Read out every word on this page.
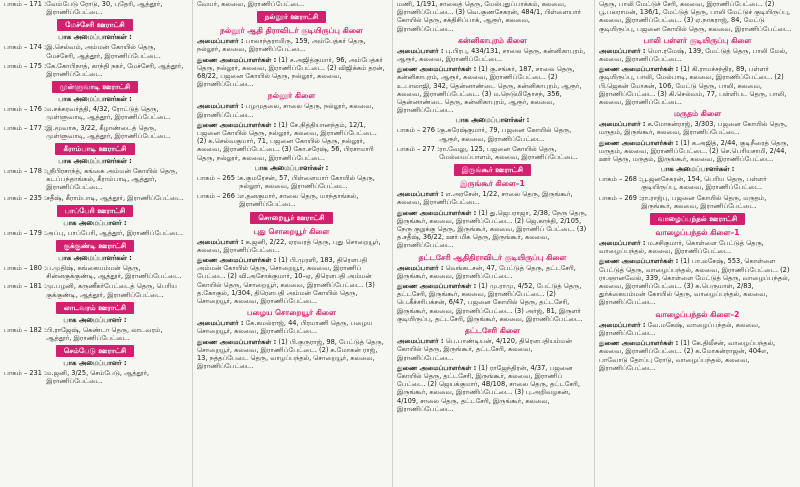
பாகம் – 171 : வேம்பேடு ரோடு, 30, புதேரி, ஆத்தூர், இராணிப்பேட்டை.
மேச்சேரி ஊராட்சி
பாக அமைப்பாளர்கள் :
பாகம் – 174 : இ.செல்வம், அம்மன் கோயில் தெரு, மேச்சேரி, ஆத்தூர், இராணிப்பேட்டை.
பாகம் – 175 : கே.கோபிநாத், காந்தி நகர், மேச்சேரி, ஆத்தூர், இராணிப்பேட்டை.
முள்ளுவாடி ஊராட்சி
பாக அமைப்பாளர்கள் :
பாகம் – 176 : ம.சக்கரவர்த்தி, 4/32, ரோட்டுத் தெரு, முள்ளுவாடி, ஆத்தூர், இராணிப்பேட்டை.
பாகம் – 177 : இ.மூவாசு, 3/22, கீழாண்டைத் தெரு, முள்ளுவாடி, ஆத்தூர், இராணிப்பேட்டை.
கீராம்பாடி ஊராட்சி
பாக அமைப்பாளர்கள் :
பாகம் – 178 : ஸ்ரீபிரசாந்த், கங்கை அம்மன் கோயில் தெரு, கடப்பந்தாங்கல், கீராம்பாடி, ஆத்தூர், இராணிப்பேட்டை.
பாகம் – 235 : சதீஷ், கீராம்பாடி, ஆத்தூர், இராணிப்பேட்டை.
பாப்பேரி ஊராட்சி
பாக அமைப்பாளர் :
பாகம் – 179 : அப்பு, பாப்பேரி, ஆத்தூர், இராணிப்பேட்டை.
குக்குண்டி ஊராட்சி
பாக அமைப்பாளர்கள் :
பாகம் – 180 : ப.முதிஷ், கங்கையம்மன் தெரு, சின்னகுக்குண்டி, ஆத்தூர், இராணிப்பேட்டை.
பாகம் – 181 : மு.பழனி, கருணீகர்பேட்டைத் தெரு, பெரிய குக்குண்டி, ஆத்தூர், இராணிப்பேட்டை.
லாடவரம் ஊராட்சி
பாக அமைப்பாளர் :
பாகம் – 182 : பி.ராஜேஷ், கெண்டா தெரு, லாடவரம், ஆத்தூர், இராணிப்பேட்டை.
செம்பேடு ஊராட்சி
பாக அமைப்பாளர் :
பாகம் – 231 : ம.ஜனி, 3/25, செம்பேடு, ஆத்தூர், இராணிப்பேட்டை.

வேயர், கலவை, இராணிப்பேட்டை.

நல்லூர் ஊராட்சி
நல்லூர் ஆதி திராவிடர் குடியிருப்பு கிளை

அமைப்பாளர் : பாலாந்தராமிரு, 159, அம்பேத்கர் தெரு, நல்லூர், கலவை, இராணிப்பேட்டை.

துணை அமைப்பாளர்கள் : (1) ச.அஜித்குமார், 96, அம்பேத்கர் தெரு, நல்லூர், கலவை, இராணிப்பேட்டை. (2) விஜிக்கம் தரன், 68/22, பஜனை கோயில் தெரு, நல்லூர், கலவை, இராணிப்பேட்டை.

நல்லூர் கிளை

அமைப்பாளர் : பழமுதலை, சாலை தெரு, நல்லூர், கலவை, இராணிப்பேட்டை.

துணை அமைப்பாளர்கள் : (1) சே.நித்தியானந்தம், 12/1, பஜனை கோயில் தெரு, நல்லூர், கலவை, இராணிப்பேட்டை. (2) க.செல்வகுமார், 71, பஜனை கோயில் தெரு, நல்லூர், கலவை, இராணிப்பேட்டை. (3) கோ.சரேஷ், 56, பிரசாமாரி தெரு, நல்லூர், கலவை, இராணிப்பேட்டை.

பாக அமைப்பாளர்கள் :
பாகம் – 265 : சு.குமரேசன், 57, பிள்ளையார் கோயில் தெரு, நல்லூர், கலவை, இராணிப்பேட்டை.
பாகம் – 266 : எ.தனகுமார், சாலை தெரு, மாந்தாங்கல், இராணிப்பேட்டை.
சொறையூர் ஊராட்சி
புது சொறையூர் கிளை

அமைப்பாளர் : க.ஜனி, 2/22, ஏரவரத் தெரு, புது சொறையூர், கலவை, இராணிப்பேட்டை.

துணை அமைப்பாளர்கள் : (1) பி.முரளி, 183, திரௌபதி அம்மன் கோயில் தெரு, சொறையூர், கலவை, இராணிப் பேட்டை. (2) வி.அசோக்குமார், 10–ஏ, திரௌபதி அம்மன் கோயில் தெரு, சொறையூர், கலவை, இராணிப்பேட்டை. (3) த.கோகுல், 1/304, திரௌபதி அம்மன் கோயில் தெரு, சொறையூர், கலவை, இராணிப்பேட்டை.

பழைய சொறையூர் கிளை

அமைப்பாளர் : கே.கமல்ராஜ், 44, பிரமாணி தெரு, பழைய சொறையூர், கலவை, இராணிப்பேட்டை.

துணை அமைப்பாளர்கள் : (1) பி.குருராஜ், 98, பேட்டுத் தெரு, சொறையூர், கலவை, இராணிப்பேட்டை. (2) க.மோகன் ராஜ், 13, நத்தப்பேடை தெரு, வாழப்பந்தல், சொறையூர், கலவை, இராணிப்பேட்டை.

மணி, 1/191, சாலைத் தெரு, மேல்புதுப்பாக்கம், கலவை, இராணிப்பேட்டை. (3) வெ.குணசேகரன், 484/1, பிள்ளையார் கோயில் தெரு, சக்திசிப்பாக், ஆரூர், கலவை, இராணிப்பேட்டை.

கன்னிகாபுரம் கிளை

அமைப்பாளர் : பு.பிரபு, 434/131, சாலை தெரு, கன்னிகாபுரம், ஆரூர், கலவை, இராணிப்பேட்டை.

துணை அமைப்பாளர்கள் : (1) கு.சங்கர், 187, சாலை தெரு, கன்னிகாபுரம், ஆரூர், கலவை, இராணிப்பேட்டை. (2) உ.பாலாஜி, 342, தென்னாண்டை தெரு, கன்னிகாபுரம், ஆரூர், கலவை, இராணிப்பேட்டை. (3) ம.நெடுமிதோசந், 356, தென்னாண்டை தெரு, கன்னிகாபுரம், ஆரூர், கலவை, இராணிப்பேட்டை.

பாக அமைப்பாளர்கள் :
பாகம் – 276 : கு.சுரேஷ்குமார், 79, பஜனை கோயில் தெரு, ஆரூர், கலவை, இராணிப்பேட்டை.
பாகம் – 277 : ரா.வேலு, 125, பஜனை கோயில் தெரு, மேல்மைப்பாளம், கலவை, இராணிப்பேட்டை.
இருங்கூர் ஊராட்சி
இருங்கூர் கிளை–1

அமைப்பாளர் : எ.அரசேன், 1/22, சாலை தெரு, இருங்கூர், கலவை, இராணிப்பேட்டை.

துணை அமைப்பாளர்கள் : (1) து.ஜெபராஜா, 2/38, நேரு தெரு, இருங்கூர், கலவை, இராணிப்பேட்டை. (2) ஜெ.காந்தி, 2/105, நேரு குறுக்கு தெரு, இருங்கூர், கலவை, இராணிப் பேட்டை. (3) த.சதீஷ், 36/22, ஊர் மிக தெரு, இருங்கூர், கலவை, இராணிப்பேட்டை.

தட்டசேரி ஆதிதிராவிடர் குடியிருப்பு கிளை

அமைப்பாளர் : வெங்கடசன், 47, பேட்டுத் தெரு, தட்டசேரி, இருங்கூர், கலவை, இராணிப்பேட்டை.

துணை அமைப்பாளர்கள் : (1) மு.ராமு, 4/52, பேட்டுத் தெரு, தட்டசேரி, இருங்கூர், கலவை, இராணிப்பேட்டை. (2) பெ.கீச்சரிபக்சன், 6/47, பஜனை கோயில் தெரு, தட்டசேரி, இருங்கூர், கலவை, இராணிப்பேட்டை. (3) அர்ஜ், 81, இருளர் குடியிருப்பு, தட்டசேரி, இருங்கூர், கலவை, இராணிப்பேட்டை.

தட்டசேரி கிளை

அமைப்பாளர் : பெ.பாண்டியன், 4/120, திரௌபதியம்மன் கோயில் தெரு, இருங்கூர், தட்டசேரி, கலவை, இராணிப்பேட்டை.

துணை அமைப்பாளர்கள் : (1) ராஜேந்திரன், 4/37, பஜனை கோயில் தெரு, தட்டசேரி, இருங்கூர், கலவை, இராணிப் பேட்டை. (2) ஜெயக்குமார், 4B/108, சாலை தெரு, தட்டசேரி, இருங்கூர், கலவை, இராணிப்பேட்டை. (3) பு.அறிவழகன், 4/109, சாலை தெரு, தட்டசேரி, இருங்கூர், கலவை, இராணிப்பேட்டை.

தெரு, பாலி மேட்டுச் சேரி, கலவை, இராணிப்பேட்டை. (2) பூ.பலராமன், 136/1, மேட்டுத் தெரு, பாலி மேட்டுச் குடியிருப்பு, கலவை, இராணிப்பேட்டை. (3) ஏ.நாகராஜ், 84, மேட்டு குடியிருப்பு, பஜனை கோயில் தெரு, கலவை, இராணிப்பேட்டை.

பாலி பள்ளர் குடியிருப்பு கிளை

அமைப்பாளர் : மொ.ரமேஷ், 139, மேட்டுத் தெரு, பாலி மேல், கலவை, இராணிப்பேட்டை.

துணை அமைப்பாளர்கள் : (1) கி.ராமச்சந்திர, 89, பள்ளர் குடியிருப்பு, பாலி, மேல்பாடி, கலவை, இராணிப்பேட்டை. (2) பி.ஜெகன் மோகன், 106, மேட்டு தெரு, பாலி, கலவை, இராணிப்பேட்டை. (3) கி.செல்வம், 77, பள்ளிபட தெரு, பாலி, கலவை, இராணிப்பேட்டை.

மருதம் கிளை

அமைப்பாளர் : க.மோகன்ராஜ், 3/303, பஜனை கோயில் தெரு, மருதம், இருங்கூர், கலவை, இராணிப்பேட்டை.

துணை அமைப்பாளர்கள் : (1) க.அஜித், 2/44, குடிநீரைத் தெரு, மருதம், கலவை, இராணிப்பேட்டை. (2) செ.பெரியசாமி, 2/44, ஊர் தெரு, மருதம், இருங்கூர், கலவை, இராணிப்பேட்டை.

பாக அமைப்பாளர்கள் :
பாகம் – 268 : பூ.ஜனசேகரன், 154, பெரிய தெரு, பள்ளர் குடியிருப்பு, கலவை, இராணிப்பேட்டை.
பாகம் – 269 : ரா.ராஜ்பு, பஜனை கோயில் தெரு, மருதம், இருங்கூர், கலவை, இராணிப்பேட்டை.
வாழைப்பந்தல் ஊராட்சி
வாழைப்பந்தல் கிளை–1

அமைப்பாளர் : ம.சசிகுமார், கொள்ளை பேட்டுத் தெரு, வாழைப்பந்தல், கலவை, இராணிப்பேட்டை.

துணை அமைப்பாளர்கள் : (1) பா.லசேஷ், 553, கொள்ளை பேட்டுத் தெரு, வாழைப்பந்தல், கலவை, இராணிப்பேட்டை. (2) ரா.ஞானவேல், 339, கொள்ளை மேட்டுத் தெரு, வாழைப்பந்தல், கலவை, இராணிப்பேட்டை. (3) சு.பெருமாள், 2/83, துர்க்கையம்மன் கோயில் தெரு, வாழைப்பந்தல், கலவை, இராணிப்பேட்டை.

வாழைப்பந்தல் கிளை–2

அமைப்பாளர் : வே.மகேஷ், வாழைப்பந்தல், கலவை, இராணிப்பேட்டை.

துணை அமைப்பாளர்கள் : (1) கே.திலீசன், வாழைப்பந்தல், கலவை, இராணிப்பேட்டை. (2) க.மோகன்ராஜன், 404எ, பாவோடு தோப்பு ரோடு, வாழைப்பந்தல், கலவை, இராணிப்பேட்டை.
